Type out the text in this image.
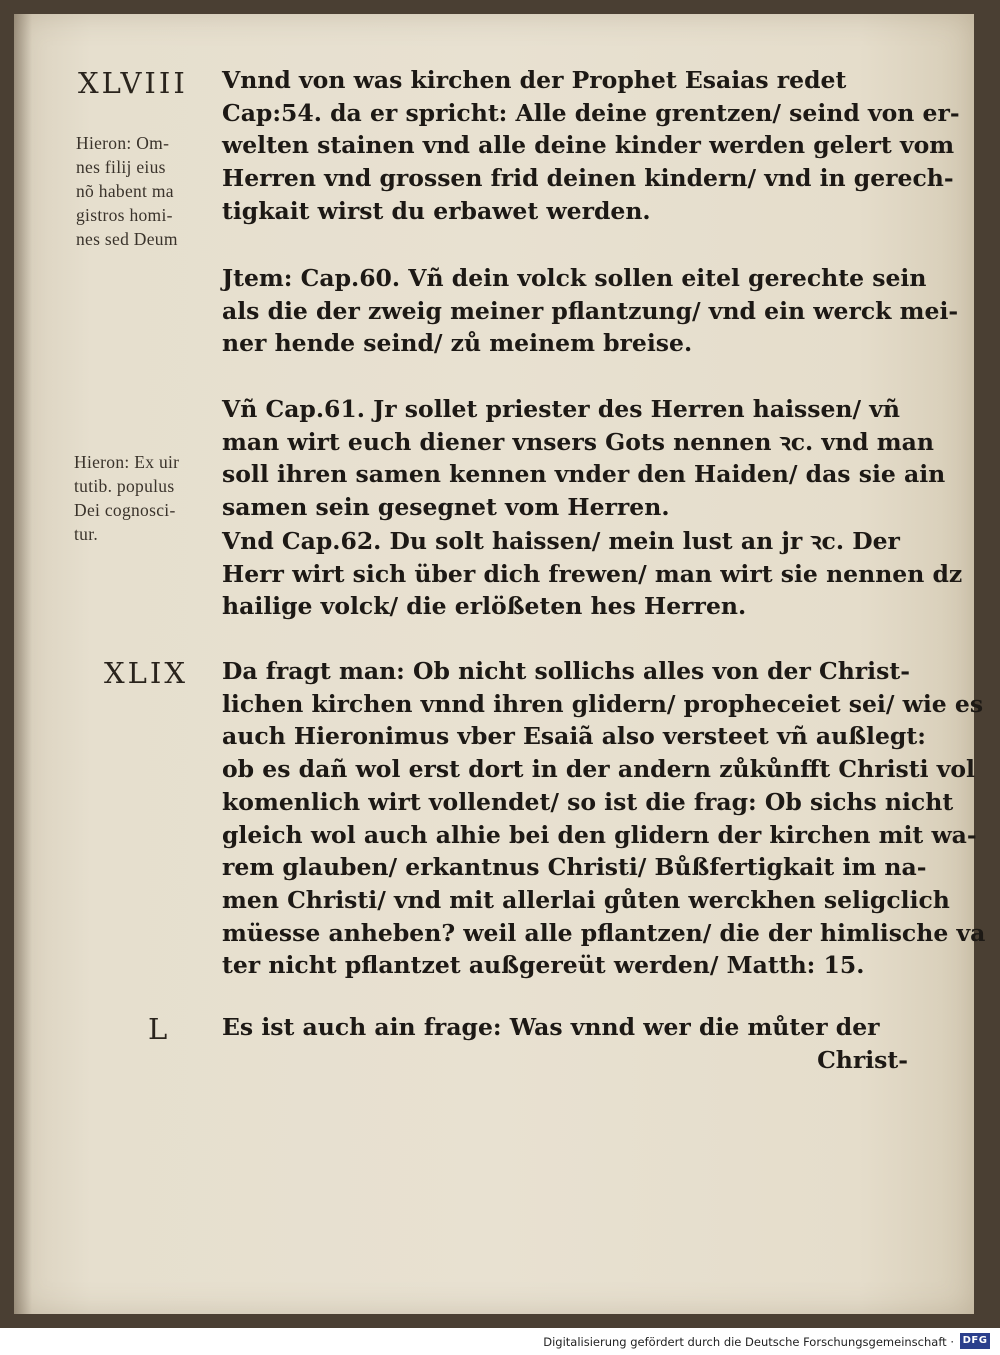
XLVIII
Hieron: Om-
nes filij eius
nõ habent ma
gistros homi-
nes sed Deum
Vnnd von was kirchen der Prophet Esaias redet
Cap:54. da er spricht: Alle deine grentzen/ seind von er-
welten stainen vnd alle deine kinder werden gelert vom
Herren vnd grossen frid deinen kindern/ vnd in gerech-
tigkait wirst du erbawet werden.
Jtem: Cap.60. Vñ dein volck sollen eitel gerechte sein
als die der zweig meiner pflantzung/ vnd ein werck mei-
ner hende seind/ zů meinem breise.
Vñ Cap.61. Jr sollet priester des Herren haissen/ vñ
man wirt euch diener vnsers Gots nennen ꝛc. vnd man
soll ihren samen kennen vnder den Haiden/ das sie ain
samen sein gesegnet vom Herren.
Hieron: Ex uir
tutib. populus
Dei cognosci-
tur.	Vnd Cap.62. Du solt haissen/ mein lust an jr ꝛc. Der
Herr wirt sich über dich frewen/ man wirt sie nennen dz
hailige volck/ die erlößeten hes Herren.
XLIX Da fragt man: Ob nicht sollichs alles von der Christ-
lichen kirchen vnnd ihren glidern/ propheceiet sei/ wie es
auch Hieronimus vber Esaiã also versteet vñ außlegt:
ob es dañ wol erst dort in der andern zůkůnfft Christi vol
komenlich wirt vollendet/ so ist die frag: Ob sichs nicht
gleich wol auch alhie bei den glidern der kirchen mit wa-
rem glauben/ erkantnus Christi/ Bůßfertigkait im na-
men Christi/ vnd mit allerlai gůten werckhen seligclich
müesse anheben? weil alle pflantzen/ die der himlische va
ter nicht pflantzet außgereüt werden/ Matth: 15.
L Es ist auch ain frage: Was vnnd wer die můter der
Christ-
Digitalisierung gefördert durch die Deutsche Forschungsgemeinschaft · DFG
